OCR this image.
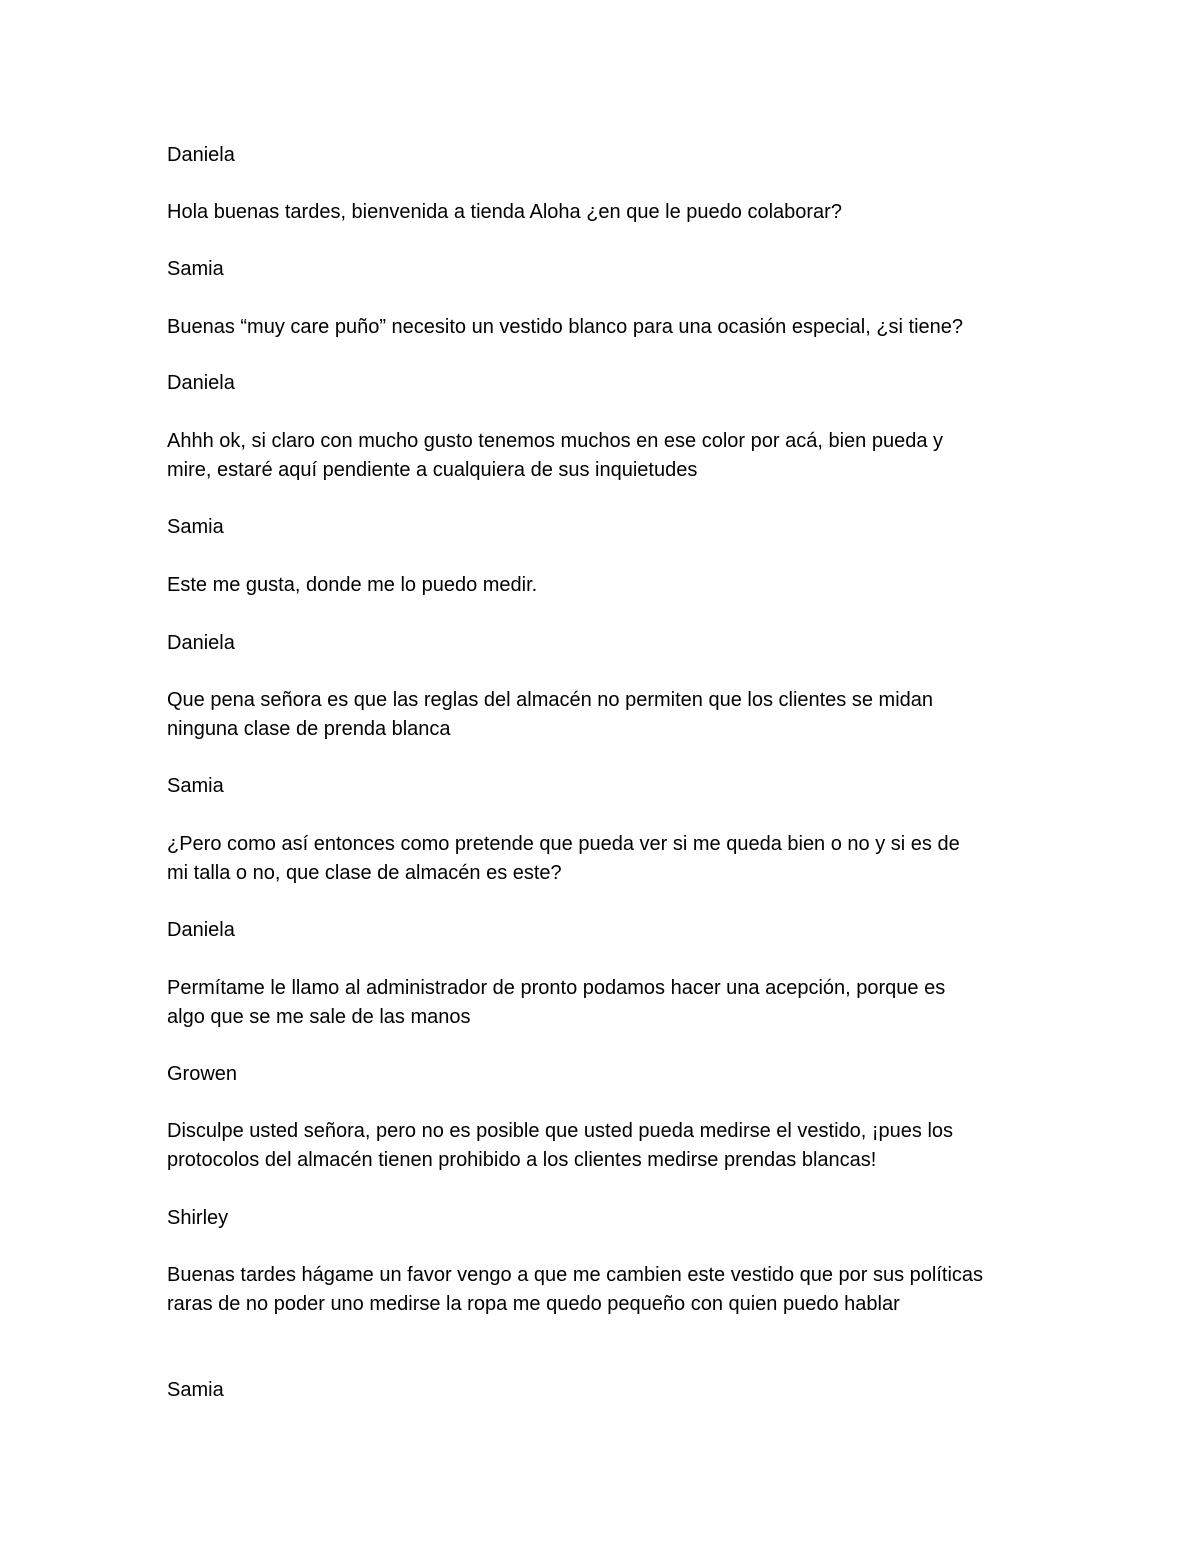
Daniela

Hola buenas tardes, bienvenida a tienda Aloha ¿en que le puedo colaborar?

Samia

Buenas “muy care puño” necesito un vestido blanco para una ocasión especial, ¿si tiene?

Daniela

Ahhh ok, si claro con mucho gusto tenemos muchos en ese color por acá, bien pueda y

mire, estaré aquí pendiente a cualquiera de sus inquietudes

Samia

Este me gusta, donde me lo puedo medir.

Daniela

Que pena señora es que las reglas del almacén no permiten que los clientes se midan

ninguna clase de prenda blanca

Samia

¿Pero como así entonces como pretende que pueda ver si me queda bien o no y si es de

mi talla o no, que clase de almacén es este?

Daniela

Permítame le llamo al administrador de pronto podamos hacer una acepción, porque es

algo que se me sale de las manos

Growen

Disculpe usted señora, pero no es posible que usted pueda medirse el vestido, ¡pues los

protocolos del almacén tienen prohibido a los clientes medirse prendas blancas!

Shirley

Buenas tardes hágame un favor vengo a que me cambien este vestido que por sus políticas

raras de no poder uno medirse la ropa me quedo pequeño con quien puedo hablar

Samia
